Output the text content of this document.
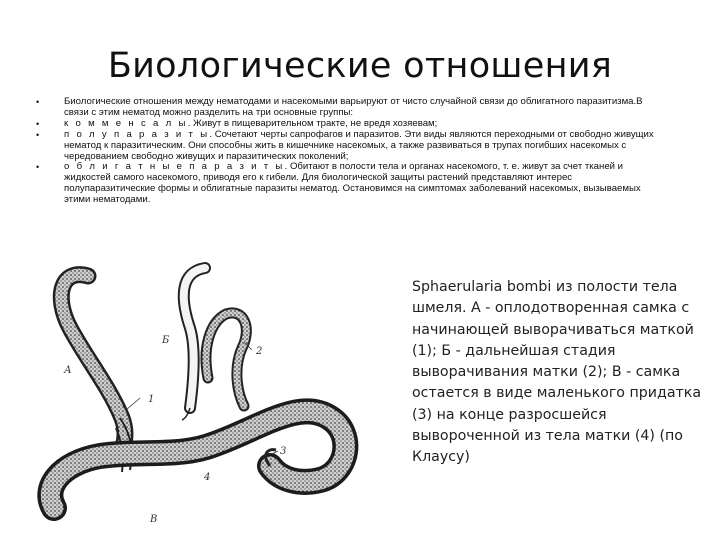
Биологические отношения
• Биологические отношения между нематодами и насекомыми варьируют от чисто случайной связи до облигатного паразитизма.В связи с этим нематод можно разделить на три основные группы:
• к о м м е н с а л ы. Живут в пищеварительном тракте, не вредя хозяевам;
• п о л у п а р а з и т ы. Сочетают черты сапрофагов и паразитов. Эти виды являются переходными от свободно живущих нематод к паразитическим. Они способны жить в кишечнике насекомых, а также развиваться в трупах погибших насекомых с чередованием свободно живущих и паразитических поколений;
• о б л и г а т н ы е п а р а з и т ы. Обитают в полости тела и органах насекомого, т. е. живут за счет тканей и жидкостей самого насекомого, приводя его к гибели. Для биологической защиты растений представляют интерес полупаразитические формы и облигатные паразиты нематод. Остановимся на симптомах заболеваний насекомых, вызываемых этими нематодами.
А
Б
В
1
2
3
4
Sphaerularia bombi из полости тела шмеля. А - оплодотворенная самка с начинающей выворачиваться маткой (1); Б - дальнейшая стадия выворачивания матки (2); В - самка остается в виде маленького придатка (3) на конце разросшейся вывороченной из тела матки (4) (по Клаусу)
